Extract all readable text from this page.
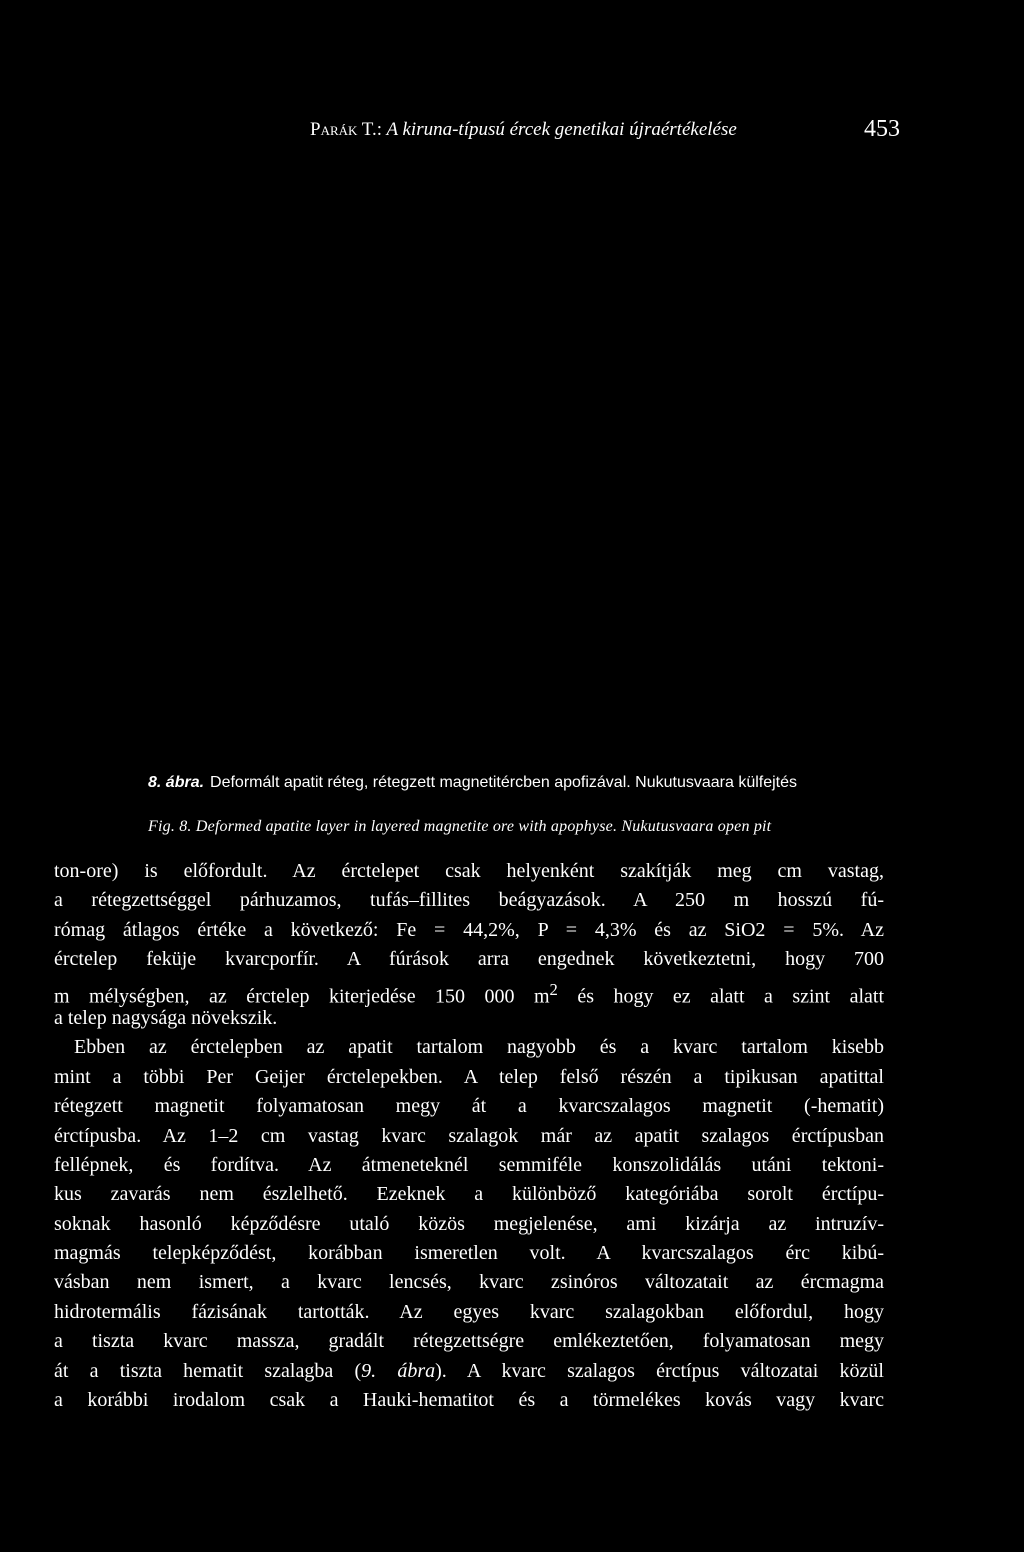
Parák T.: A kiruna-típusú ércek genetikai újraértékelése	453
8. ábra. Deformált apatit réteg, rétegzett magnetitércben apofizával. Nukutusvaara külfejtés
Fig. 8. Deformed apatite layer in layered magnetite ore with apophyse. Nukutusvaara open pit
ton-ore) is előfordult. Az érctelepet csak helyenként szakítják meg cm vastag,
a rétegzettséggel párhuzamos, tufás–fillites beágyazások. A 250 m hosszú fú-
rómag átlagos értéke a következő: Fe = 44,2%, P = 4,3% és az SiO2 = 5%. Az
érctelep feküje kvarcporfír. A fúrások arra engednek következtetni, hogy 700
m mélységben, az érctelep kiterjedése 150 000 $m^2$ és hogy ez alatt a szint alatt
a telep nagysága növekszik.
Ebben az érctelepben az apatit tartalom nagyobb és a kvarc tartalom kisebb
mint a többi Per Geijer érctelepekben. A telep felső részén a tipikusan apatittal
rétegzett magnetit folyamatosan megy át a kvarcszalagos magnetit (-hematit)
érctípusba. Az 1–2 cm vastag kvarc szalagok már az apatit szalagos érctípusban
fellépnek, és fordítva. Az átmeneteknél semmiféle konszolidálás utáni tektoni-
kus zavarás nem észlelhető. Ezeknek a különböző kategóriába sorolt érctípu-
soknak hasonló képződésre utaló közös megjelenése, ami kizárja az intruzív-
magmás telepképződést, korábban ismeretlen volt. A kvarcszalagos érc kibú-
vásban nem ismert, a kvarc lencsés, kvarc zsinóros változatait az ércmagma
hidrotermális fázisának tartották. Az egyes kvarc szalagokban előfordul, hogy
a tiszta kvarc massza, gradált rétegzettségre emlékeztetően, folyamatosan megy
át a tiszta hematit szalagba (9. ábra). A kvarc szalagos érctípus változatai közül
a korábbi irodalom csak a Hauki-hematitot és a törmelékes kovás vagy kvarc
